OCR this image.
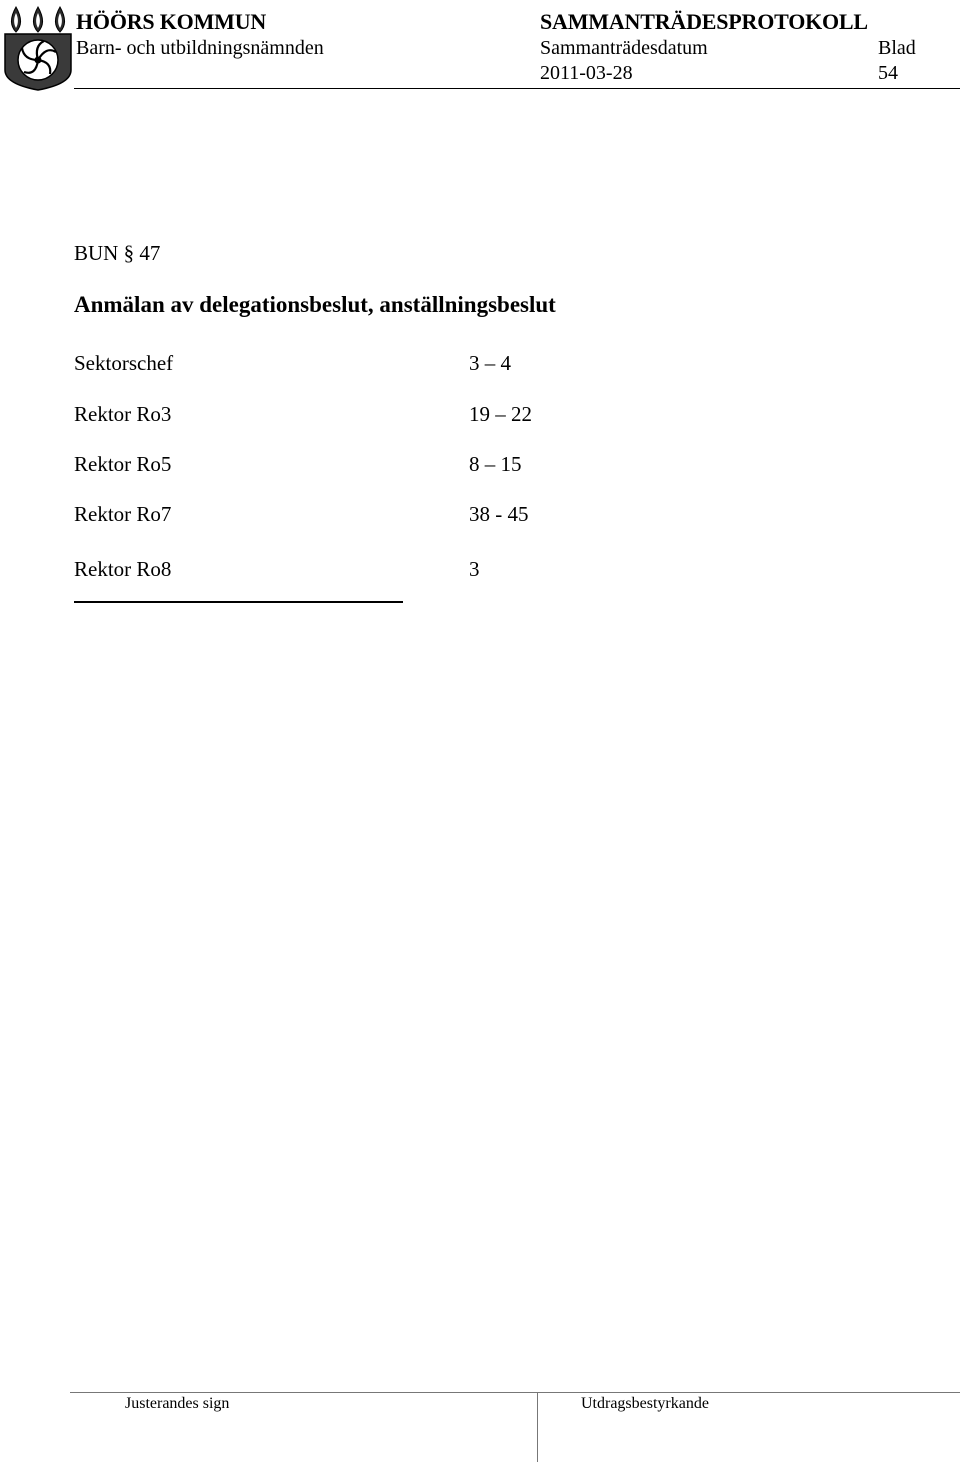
HÖÖRS KOMMUN
Barn- och utbildningsnämnden
SAMMANTRÄDESPROTOKOLL
Sammanträdesdatum	Blad
2011-03-28	54
BUN § 47
Anmälan av delegationsbeslut, anställningsbeslut
Sektorschef	3 – 4
Rektor Ro3	19 – 22
Rektor Ro5	8 – 15
Rektor Ro7	38 - 45
Rektor Ro8	3
Justerandes sign	Utdragsbestyrkande
